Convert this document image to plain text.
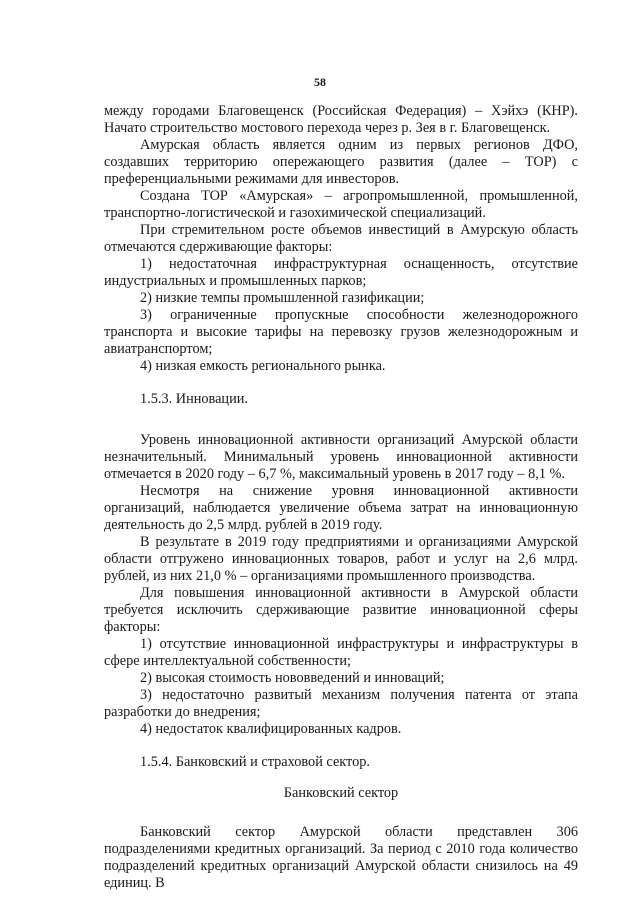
58

между городами Благовещенск (Российская Федерация) – Хэйхэ (КНР). Начато строительство мостового перехода через р. Зея в г. Благовещенск.

Амурская область является одним из первых регионов ДФО, создавших территорию опережающего развития (далее – ТОР) с преференциальными режимами для инвесторов.

Создана ТОР «Амурская» – агропромышленной, промышленной, транспортно-логистической и газохимической специализаций.

При стремительном росте объемов инвестиций в Амурскую область отмечаются сдерживающие факторы:

1) недостаточная инфраструктурная оснащенность, отсутствие индустриальных и промышленных парков;

2) низкие темпы промышленной газификации;

3) ограниченные пропускные способности железнодорожного транспорта и высокие тарифы на перевозку грузов железнодорожным и авиатранспортом;

4) низкая емкость регионального рынка.

1.5.3. Инновации.

Уровень инновационной активности организаций Амурской области незначительный. Минимальный уровень инновационной активности отмечается в 2020 году – 6,7 %, максимальный уровень в 2017 году – 8,1 %.

Несмотря на снижение уровня инновационной активности организаций, наблюдается увеличение объема затрат на инновационную деятельность до 2,5 млрд. рублей в 2019 году.

В результате в 2019 году предприятиями и организациями Амурской области отгружено инновационных товаров, работ и услуг на 2,6 млрд. рублей, из них 21,0 % – организациями промышленного производства.

Для повышения инновационной активности в Амурской области требуется исключить сдерживающие развитие инновационной сферы факторы:

1) отсутствие инновационной инфраструктуры и инфраструктуры в сфере интеллектуальной собственности;

2) высокая стоимость нововведений и инноваций;

3) недостаточно развитый механизм получения патента от этапа разработки до внедрения;

4) недостаток квалифицированных кадров.

1.5.4. Банковский и страховой сектор.

Банковский сектор

Банковский сектор Амурской области представлен 306 подразделениями кредитных организаций. За период с 2010 года количество подразделений кредитных организаций Амурской области снизилось на 49 единиц. В
